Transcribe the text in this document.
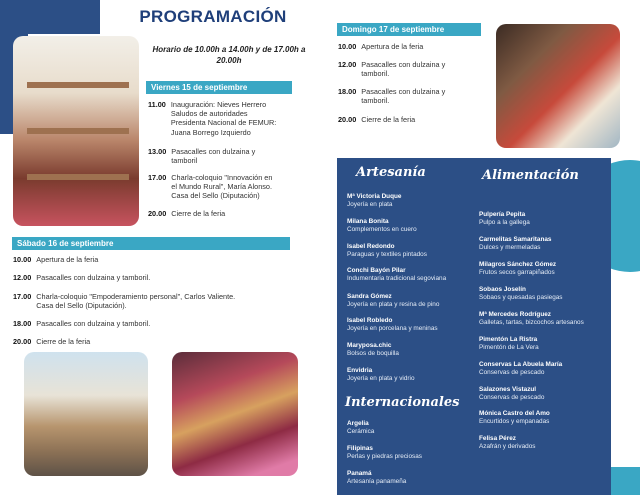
PROGRAMACIÓN
Horario de 10.00h a 14.00h y de 17.00h a 20.00h
Viernes 15 de septiembre
11.00 Inauguración: Nieves Herrero
Saludos de autoridades
Presidenta Nacional de FEMUR:
Juana Borrego Izquierdo
13.00 Pasacalles con dulzaina y
tamboril
17.00 Charla-coloquio "Innovación en
el Mundo Rural", María Alonso.
Casa del Sello (Diputación)
20.00 Cierre de la feria
Sábado 16 de septiembre
10.00 Apertura de la feria
12.00 Pasacalles con dulzaina y tamboril.
17.00 Charla-coloquio "Empoderamiento personal", Carlos Valiente.
Casa del Sello (Diputación).
18.00 Pasacalles con dulzaina y tamboril.
20.00 Cierre de la feria
Domingo 17 de septiembre
10.00 Apertura de la feria
12.00 Pasacalles con dulzaina y
tamboril.
18.00 Pasacalles con dulzaina y
tamboril.
20.00 Cierre de la feria
Artesanía
Mª Victoria Duque
Joyería en plata
Milana Bonita
Complementos en cuero
Isabel Redondo
Paraguas y textiles pintados
Conchi Bayón Pilar
Indumentaria tradicional segoviana
Sandra Gómez
Joyería en plata y resina de pino
Isabel Robledo
Joyería en porcelana y meninas
Maryposa.chic
Bolsos de boquilla
Envidria
Joyería en plata y vidrio
Internacionales
Argelia
Cerámica
Filipinas
Perlas y piedras preciosas
Panamá
Artesanía panameña
Alimentación
Pulpería Pepita
Pulpo a la gallega
Carmelitas Samaritanas
Dulces y mermeladas
Milagros Sánchez Gómez
Frutos secos garrapiñados
Sobaos Joselín
Sobaos y quesadas pasiegas
Mª Mercedes Rodríguez
Galletas, tartas, bizcochos artesanos
Pimentón La Ristra
Pimentón de La Vera
Conservas La Abuela María
Conservas de pescado
Salazones Vistazul
Conservas de pescado
Mónica Castro del Amo
Encurtidos y empanadas
Felisa Pérez
Azafrán y derivados
